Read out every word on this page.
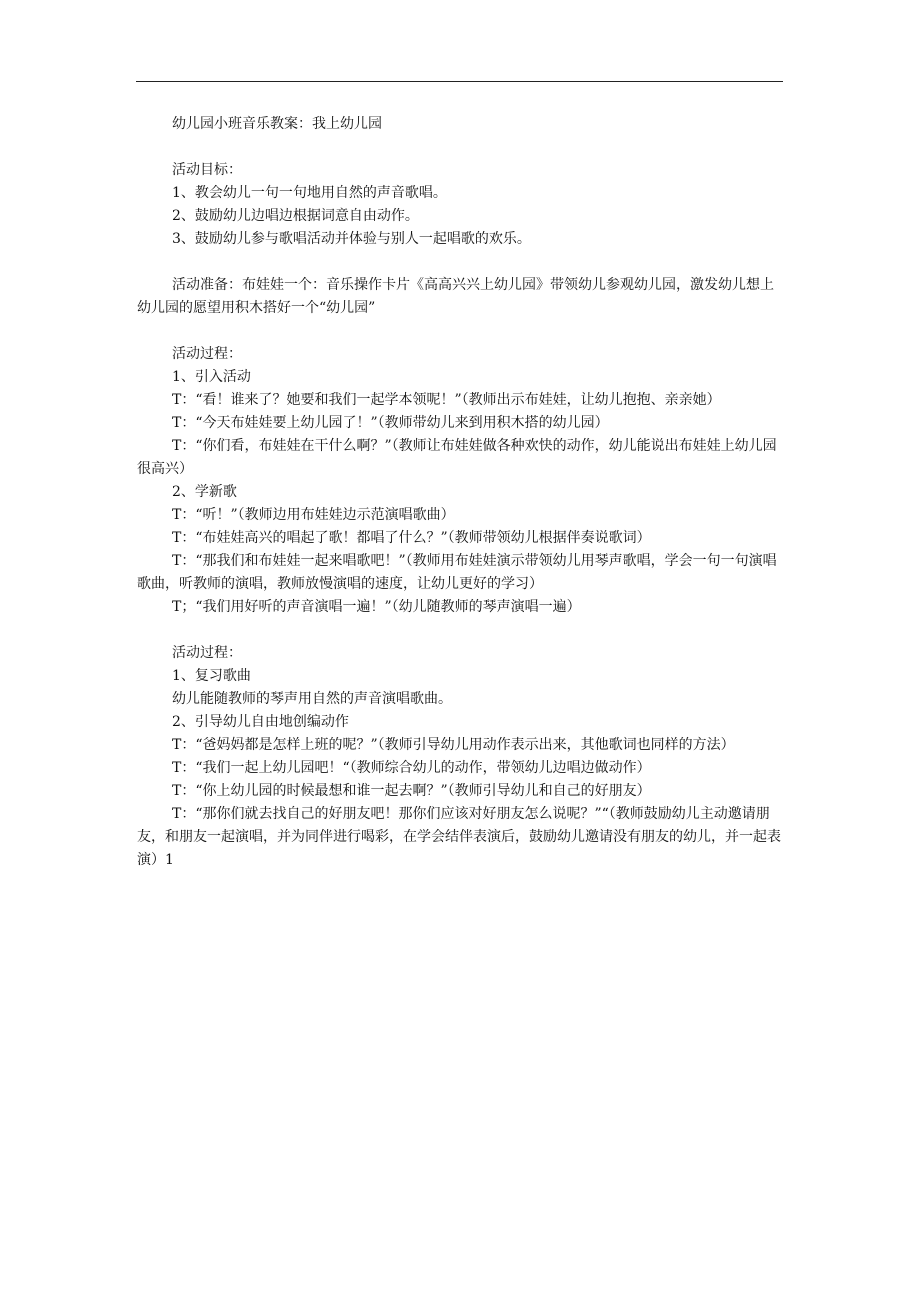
幼儿园小班音乐教案：我上幼儿园

活动目标：

1、教会幼儿一句一句地用自然的声音歌唱。

2、鼓励幼儿边唱边根据词意自由动作。

3、鼓励幼儿参与歌唱活动并体验与别人一起唱歌的欢乐。

活动准备：布娃娃一个：音乐操作卡片《高高兴兴上幼儿园》带领幼儿参观幼儿园，激发幼儿想上幼儿园的愿望用积木搭好一个“幼儿园”

活动过程：

1、引入活动

T：“看！谁来了？她要和我们一起学本领呢！”（教师出示布娃娃，让幼儿抱抱、亲亲她）

T：“今天布娃娃要上幼儿园了！”（教师带幼儿来到用积木搭的幼儿园）

T：“你们看，布娃娃在干什么啊？”（教师让布娃娃做各种欢快的动作，幼儿能说出布娃娃上幼儿园很高兴）

2、学新歌

T：“听！”（教师边用布娃娃边示范演唱歌曲）

T：“布娃娃高兴的唱起了歌！都唱了什么？”（教师带领幼儿根据伴奏说歌词）

T：“那我们和布娃娃一起来唱歌吧！”（教师用布娃娃演示带领幼儿用琴声歌唱，学会一句一句演唱歌曲，听教师的演唱，教师放慢演唱的速度，让幼儿更好的学习）

T；“我们用好听的声音演唱一遍！”（幼儿随教师的琴声演唱一遍）

活动过程：

1、复习歌曲

幼儿能随教师的琴声用自然的声音演唱歌曲。

2、引导幼儿自由地创编动作

T：“爸妈妈都是怎样上班的呢？”（教师引导幼儿用动作表示出来，其他歌词也同样的方法）

T：“我们一起上幼儿园吧！“（教师综合幼儿的动作，带领幼儿边唱边做动作）

T：“你上幼儿园的时候最想和谁一起去啊？”（教师引导幼儿和自己的好朋友）

T：“那你们就去找自己的好朋友吧！那你们应该对好朋友怎么说呢？”“（教师鼓励幼儿主动邀请朋友，和朋友一起演唱，并为同伴进行喝彩，在学会结伴表演后，鼓励幼儿邀请没有朋友的幼儿，并一起表演）1
